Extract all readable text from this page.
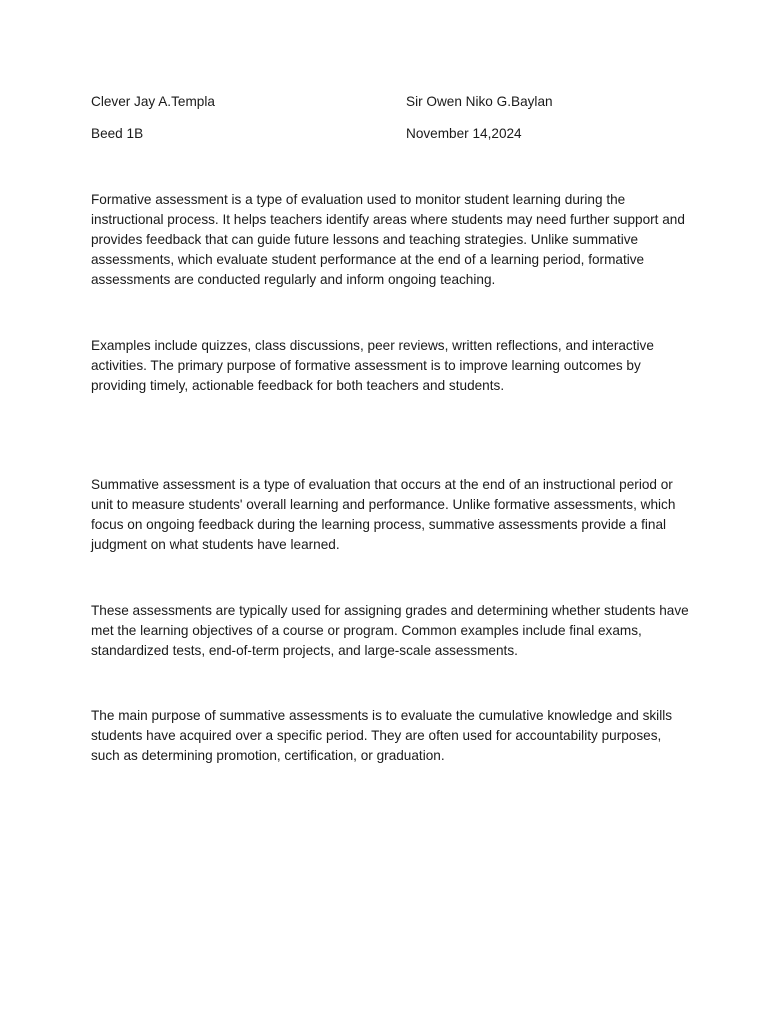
Clever Jay A.Templa	Sir Owen Niko G.Baylan
Beed 1B	November 14,2024

Formative assessment is a type of evaluation used to monitor student learning during the instructional process. It helps teachers identify areas where students may need further support and provides feedback that can guide future lessons and teaching strategies. Unlike summative assessments, which evaluate student performance at the end of a learning period, formative assessments are conducted regularly and inform ongoing teaching.

Examples include quizzes, class discussions, peer reviews, written reflections, and interactive activities. The primary purpose of formative assessment is to improve learning outcomes by providing timely, actionable feedback for both teachers and students.

Summative assessment is a type of evaluation that occurs at the end of an instructional period or unit to measure students' overall learning and performance. Unlike formative assessments, which focus on ongoing feedback during the learning process, summative assessments provide a final judgment on what students have learned.

These assessments are typically used for assigning grades and determining whether students have met the learning objectives of a course or program. Common examples include final exams, standardized tests, end-of-term projects, and large-scale assessments.

The main purpose of summative assessments is to evaluate the cumulative knowledge and skills students have acquired over a specific period. They are often used for accountability purposes, such as determining promotion, certification, or graduation.
